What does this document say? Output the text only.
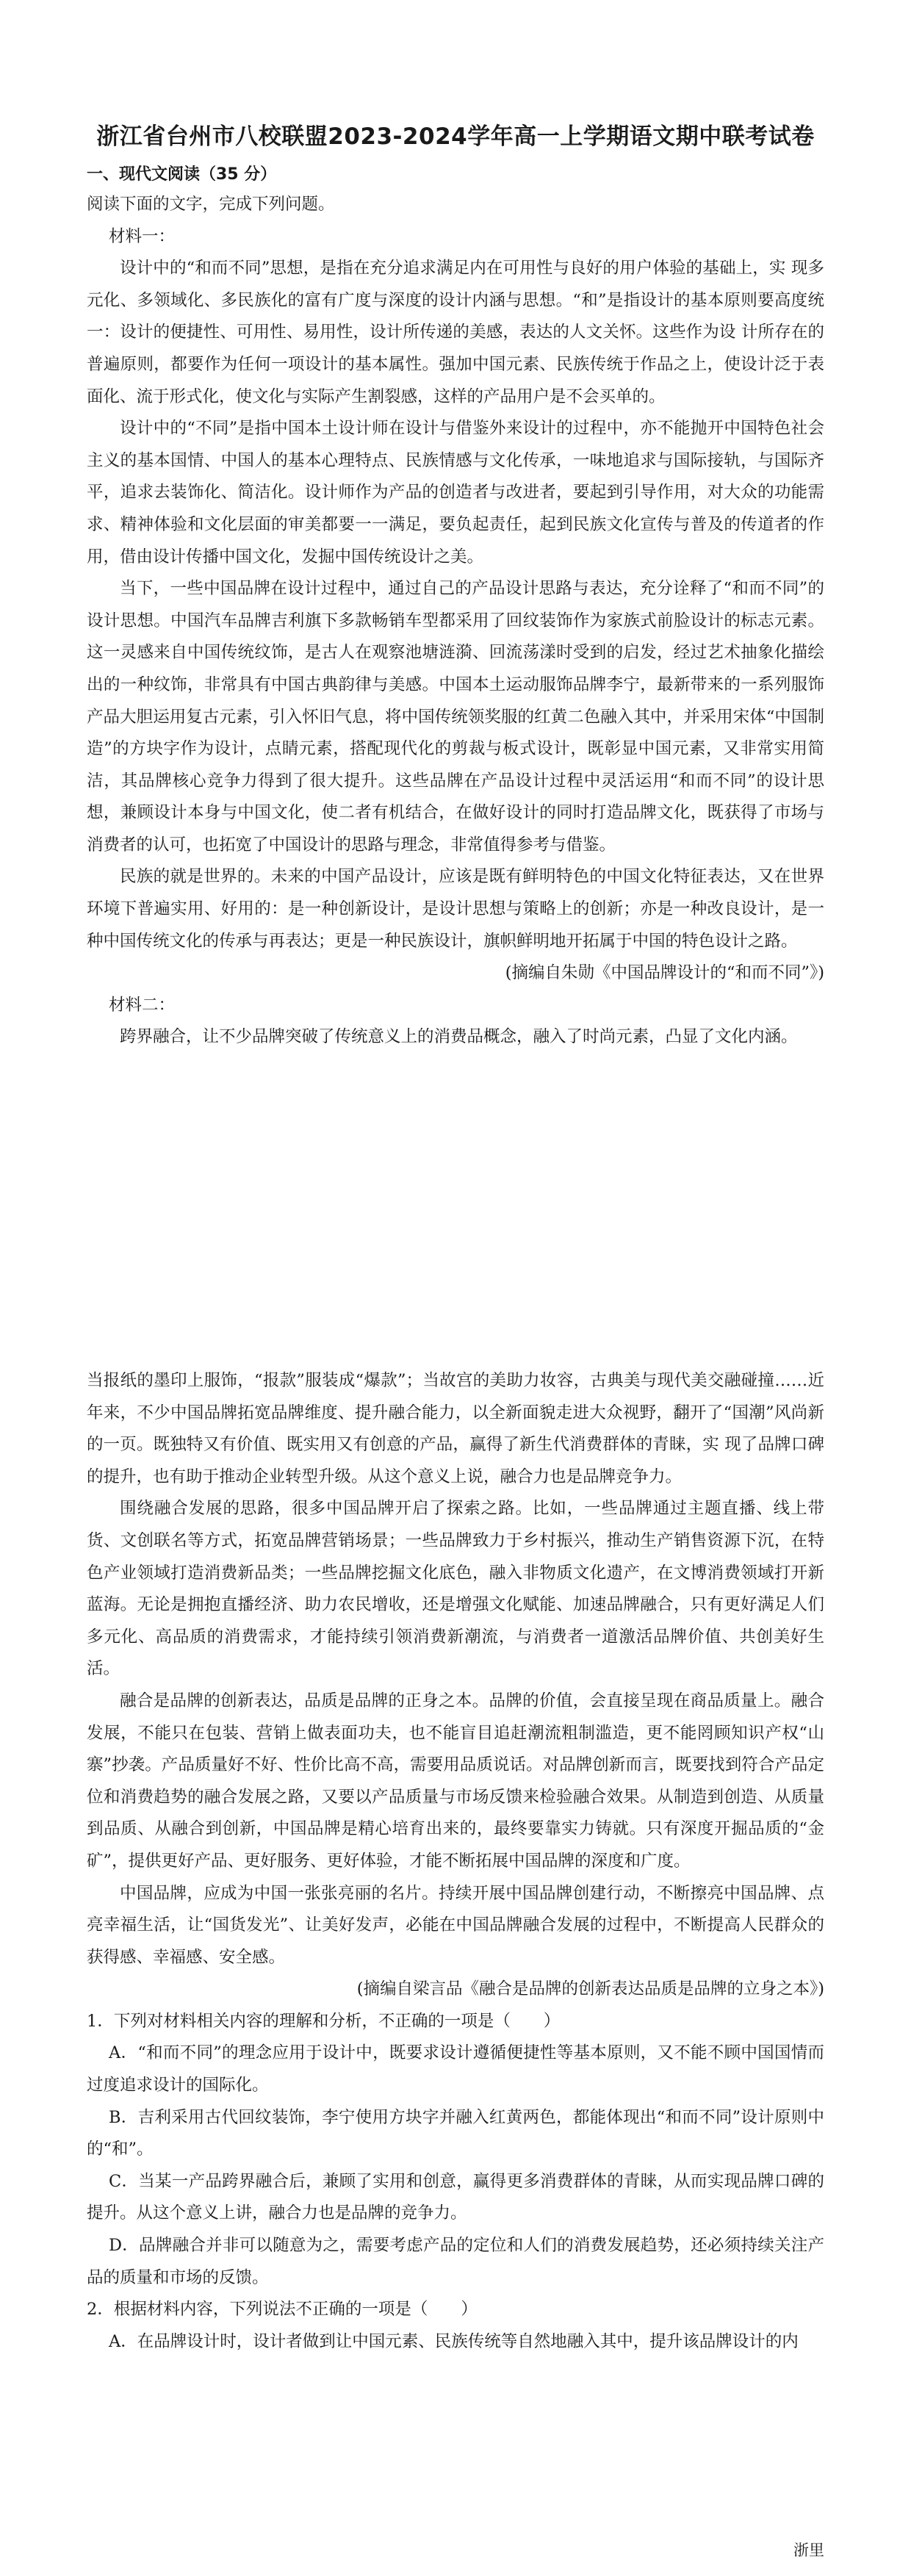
浙江省台州市八校联盟2023-2024学年高一上学期语文期中联考试卷
一、现代文阅读（35 分）

阅读下面的文字，完成下列问题。

材料一：

设计中的“和而不同”思想，是指在充分追求满足内在可用性与良好的用户体验的基础上，实 现多元化、多领域化、多民族化的富有广度与深度的设计内涵与思想。“和”是指设计的基本原则要高度统一：设计的便捷性、可用性、易用性，设计所传递的美感，表达的人文关怀。这些作为设 计所存在的普遍原则，都要作为任何一项设计的基本属性。强加中国元素、民族传统于作品之上，使设计泛于表面化、流于形式化，使文化与实际产生割裂感，这样的产品用户是不会买单的。

设计中的“不同”是指中国本土设计师在设计与借鉴外来设计的过程中，亦不能抛开中国特色社会主义的基本国情、中国人的基本心理特点、民族情感与文化传承，一味地追求与国际接轨，与国际齐平，追求去装饰化、简洁化。设计师作为产品的创造者与改进者，要起到引导作用，对大众的功能需求、精神体验和文化层面的审美都要一一满足，要负起责任，起到民族文化宣传与普及的传道者的作用，借由设计传播中国文化，发掘中国传统设计之美。

当下，一些中国品牌在设计过程中，通过自己的产品设计思路与表达，充分诠释了“和而不同”的设计思想。中国汽车品牌吉利旗下多款畅销车型都采用了回纹装饰作为家族式前脸设计的标志元素。这一灵感来自中国传统纹饰，是古人在观察池塘涟漪、回流荡漾时受到的启发，经过艺术抽象化描绘出的一种纹饰，非常具有中国古典韵律与美感。中国本土运动服饰品牌李宁，最新带来的一系列服饰产品大胆运用复古元素，引入怀旧气息，将中国传统领奖服的红黄二色融入其中，并采用宋体“中国制造”的方块字作为设计，点睛元素，搭配现代化的剪裁与板式设计，既彰显中国元素，又非常实用简洁，其品牌核心竞争力得到了很大提升。这些品牌在产品设计过程中灵活运用“和而不同”的设计思想，兼顾设计本身与中国文化，使二者有机结合，在做好设计的同时打造品牌文化，既获得了市场与消费者的认可，也拓宽了中国设计的思路与理念，非常值得参考与借鉴。

民族的就是世界的。未来的中国产品设计，应该是既有鲜明特色的中国文化特征表达，又在世界环境下普遍实用、好用的：是一种创新设计，是设计思想与策略上的创新；亦是一种改良设计，是一种中国传统文化的传承与再表达；更是一种民族设计，旗帜鲜明地开拓属于中国的特色设计之路。

(摘编自朱勋《中国品牌设计的“和而不同”》)

材料二：

跨界融合，让不少品牌突破了传统意义上的消费品概念，融入了时尚元素，凸显了文化内涵。

当报纸的墨印上服饰，“报款”服装成“爆款”；当故宫的美助力妆容，古典美与现代美交融碰撞……近年来，不少中国品牌拓宽品牌维度、提升融合能力，以全新面貌走进大众视野，翻开了“国潮”风尚新的一页。既独特又有价值、既实用又有创意的产品，赢得了新生代消费群体的青睐，实 现了品牌口碑的提升，也有助于推动企业转型升级。从这个意义上说，融合力也是品牌竞争力。

围绕融合发展的思路，很多中国品牌开启了探索之路。比如，一些品牌通过主题直播、线上带货、文创联名等方式，拓宽品牌营销场景；一些品牌致力于乡村振兴，推动生产销售资源下沉，在特色产业领域打造消费新品类；一些品牌挖掘文化底色，融入非物质文化遗产，在文博消费领域打开新蓝海。无论是拥抱直播经济、助力农民增收，还是增强文化赋能、加速品牌融合，只有更好满足人们多元化、高品质的消费需求，才能持续引领消费新潮流，与消费者一道激活品牌价值、共创美好生活。

融合是品牌的创新表达，品质是品牌的正身之本。品牌的价值，会直接呈现在商品质量上。融合发展，不能只在包装、营销上做表面功夫，也不能盲目追赶潮流粗制滥造，更不能罔顾知识产权“山寨”抄袭。产品质量好不好、性价比高不高，需要用品质说话。对品牌创新而言，既要找到符合产品定位和消费趋势的融合发展之路，又要以产品质量与市场反馈来检验融合效果。从制造到创造、从质量到品质、从融合到创新，中国品牌是精心培育出来的，最终要靠实力铸就。只有深度开掘品质的“金矿”，提供更好产品、更好服务、更好体验，才能不断拓展中国品牌的深度和广度。

中国品牌，应成为中国一张张亮丽的名片。持续开展中国品牌创建行动，不断擦亮中国品牌、点亮幸福生活，让“国货发光”、让美好发声，必能在中国品牌融合发展的过程中，不断提高人民群众的获得感、幸福感、安全感。

(摘编自梁言品《融合是品牌的创新表达品质是品牌的立身之本》)

1．下列对材料相关内容的理解和分析，不正确的一项是（　　）

A．“和而不同”的理念应用于设计中，既要求设计遵循便捷性等基本原则，又不能不顾中国国情而过度追求设计的国际化。

B．吉利采用古代回纹装饰，李宁使用方块字并融入红黄两色，都能体现出“和而不同”设计原则中的“和”。

C．当某一产品跨界融合后，兼顾了实用和创意，赢得更多消费群体的青睐，从而实现品牌口碑的提升。从这个意义上讲，融合力也是品牌的竞争力。

D．品牌融合并非可以随意为之，需要考虑产品的定位和人们的消费发展趋势，还必须持续关注产品的质量和市场的反馈。

2．根据材料内容，下列说法不正确的一项是（　　）

A．在品牌设计时，设计者做到让中国元素、民族传统等自然地融入其中，提升该品牌设计的内

浙里
